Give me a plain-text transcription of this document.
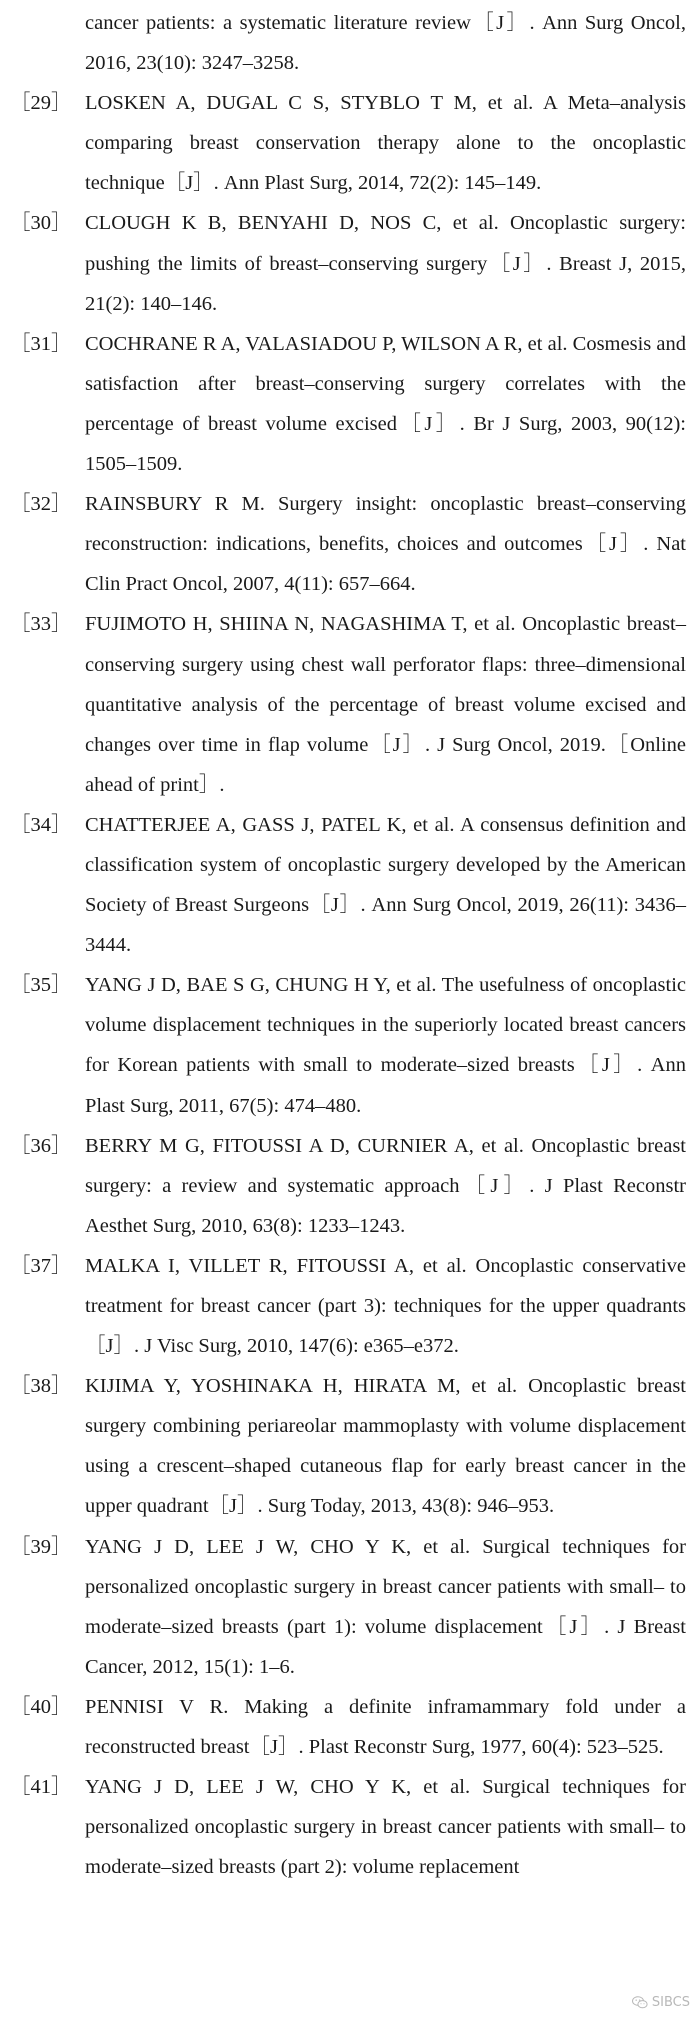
cancer patients: a systematic literature review［J］. Ann Surg Oncol, 2016, 23(10): 3247–3258.
［29］ LOSKEN A, DUGAL C S, STYBLO T M, et al. A Meta–analysis comparing breast conservation therapy alone to the oncoplastic technique［J］. Ann Plast Surg, 2014, 72(2): 145–149.
［30］ CLOUGH K B, BENYAHI D, NOS C, et al. Oncoplastic surgery: pushing the limits of breast–conserving surgery［J］. Breast J, 2015, 21(2): 140–146.
［31］ COCHRANE R A, VALASIADOU P, WILSON A R, et al. Cosmesis and satisfaction after breast–conserving surgery correlates with the percentage of breast volume excised［J］. Br J Surg, 2003, 90(12): 1505–1509.
［32］ RAINSBURY R M. Surgery insight: oncoplastic breast–conserving reconstruction: indications, benefits, choices and outcomes［J］. Nat Clin Pract Oncol, 2007, 4(11): 657–664.
［33］ FUJIMOTO H, SHIINA N, NAGASHIMA T, et al. Oncoplastic breast–conserving surgery using chest wall perforator flaps: three–dimensional quantitative analysis of the percentage of breast volume excised and changes over time in flap volume［J］. J Surg Oncol, 2019.［Online ahead of print］.
［34］ CHATTERJEE A, GASS J, PATEL K, et al. A consensus definition and classification system of oncoplastic surgery developed by the American Society of Breast Surgeons［J］. Ann Surg Oncol, 2019, 26(11): 3436–3444.
［35］ YANG J D, BAE S G, CHUNG H Y, et al. The usefulness of oncoplastic volume displacement techniques in the superiorly located breast cancers for Korean patients with small to moderate–sized breasts［J］. Ann Plast Surg, 2011, 67(5): 474–480.
［36］ BERRY M G, FITOUSSI A D, CURNIER A, et al. Oncoplastic breast surgery: a review and systematic approach［J］. J Plast Reconstr Aesthet Surg, 2010, 63(8): 1233–1243.
［37］ MALKA I, VILLET R, FITOUSSI A, et al. Oncoplastic conservative treatment for breast cancer (part 3): techniques for the upper quadrants［J］. J Visc Surg, 2010, 147(6): e365–e372.
［38］ KIJIMA Y, YOSHINAKA H, HIRATA M, et al. Oncoplastic breast surgery combining periareolar mammoplasty with volume displacement using a crescent–shaped cutaneous flap for early breast cancer in the upper quadrant［J］. Surg Today, 2013, 43(8): 946–953.
［39］ YANG J D, LEE J W, CHO Y K, et al. Surgical techniques for personalized oncoplastic surgery in breast cancer patients with small– to moderate–sized breasts (part 1): volume displacement［J］. J Breast Cancer, 2012, 15(1): 1–6.
［40］ PENNISI V R. Making a definite inframammary fold under a reconstructed breast［J］. Plast Reconstr Surg, 1977, 60(4): 523–525.
［41］ YANG J D, LEE J W, CHO Y K, et al. Surgical techniques for personalized oncoplastic surgery in breast cancer patients with small– to moderate–sized breasts (part 2): volume replacement
SIBCS
